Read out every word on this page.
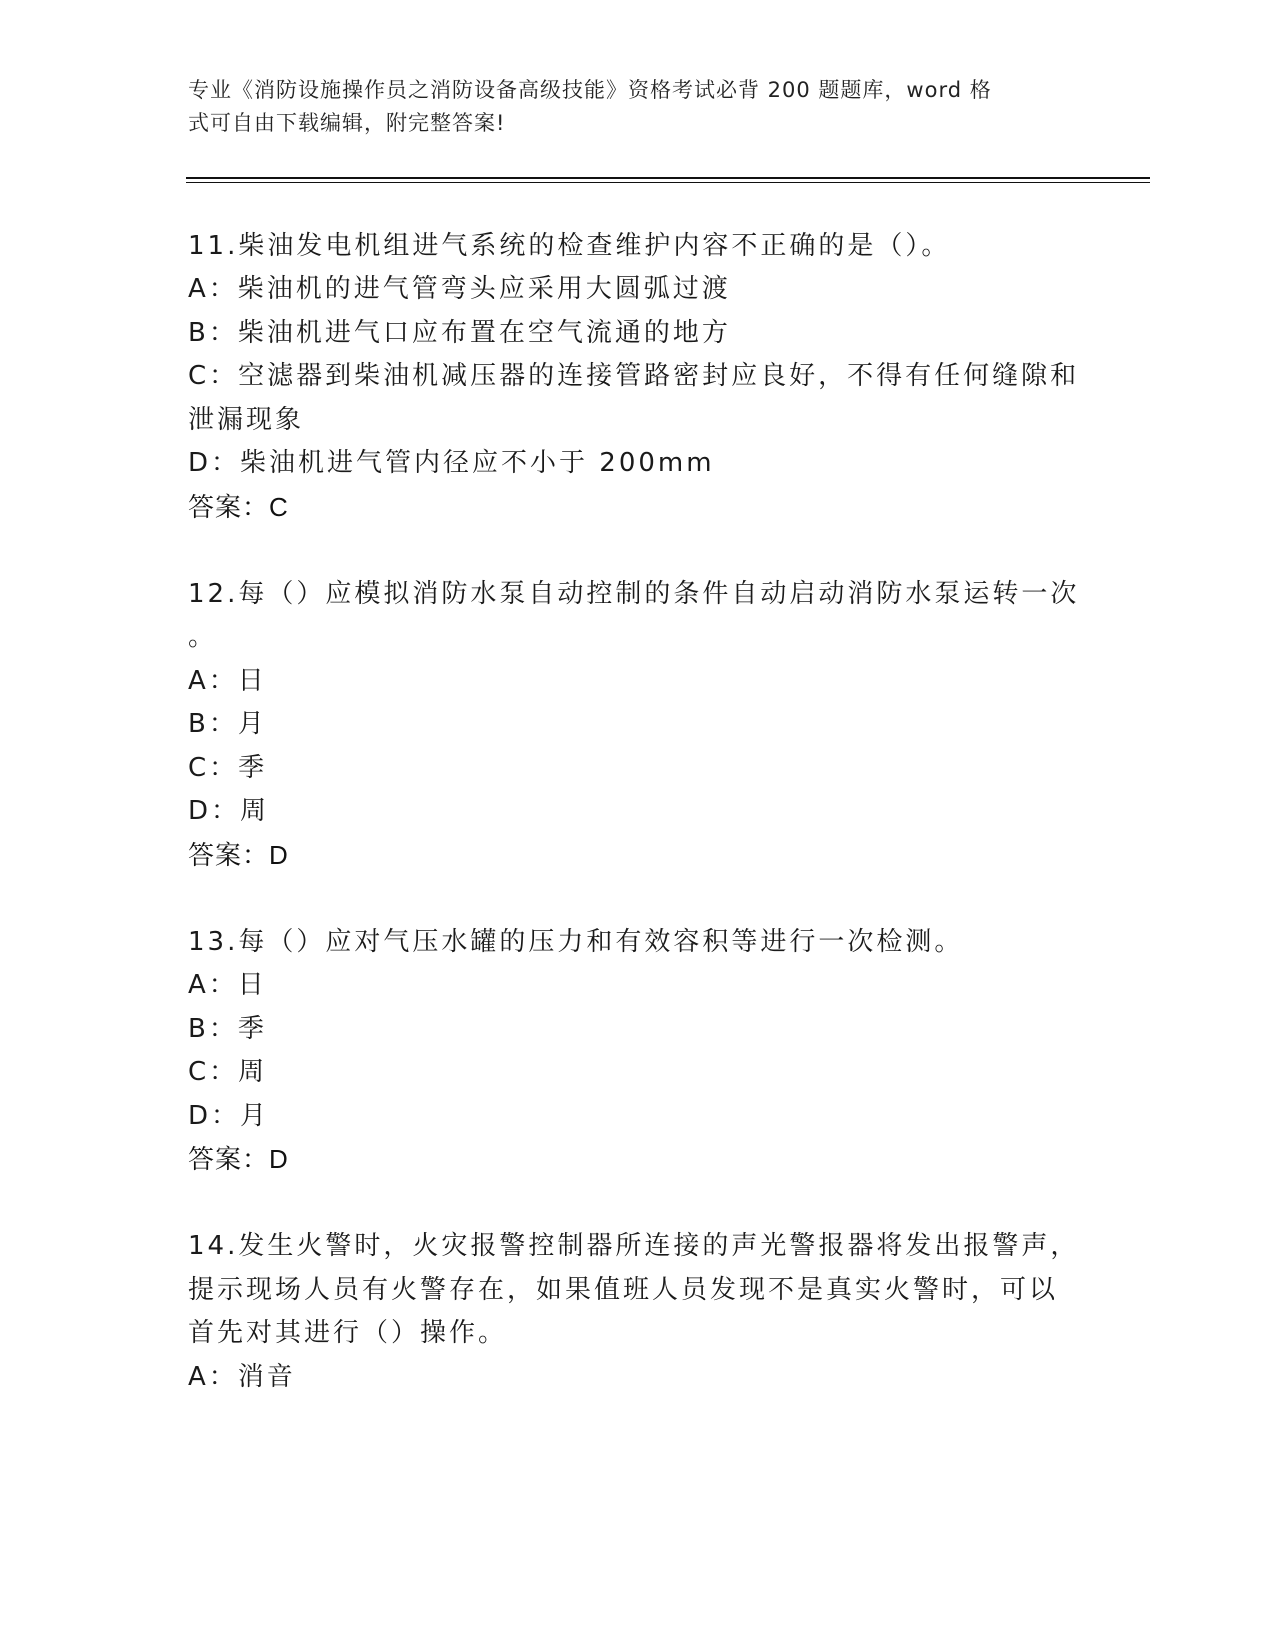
专业《消防设施操作员之消防设备高级技能》资格考试必背 200 题题库，word 格
式可自由下载编辑，附完整答案!
11.柴油发电机组进气系统的检查维护内容不正确的是（）。
A：柴油机的进气管弯头应采用大圆弧过渡
B：柴油机进气口应布置在空气流通的地方
C：空滤器到柴油机减压器的连接管路密封应良好，不得有任何缝隙和
泄漏现象
D：柴油机进气管内径应不小于 200mm
答案：C
12.每（）应模拟消防水泵自动控制的条件自动启动消防水泵运转一次
。
A：日
B：月
C：季
D：周
答案：D
13.每（）应对气压水罐的压力和有效容积等进行一次检测。
A：日
B：季
C：周
D：月
答案：D
14.发生火警时，火灾报警控制器所连接的声光警报器将发出报警声，
提示现场人员有火警存在，如果值班人员发现不是真实火警时，可以
首先对其进行（）操作。
A：消音
